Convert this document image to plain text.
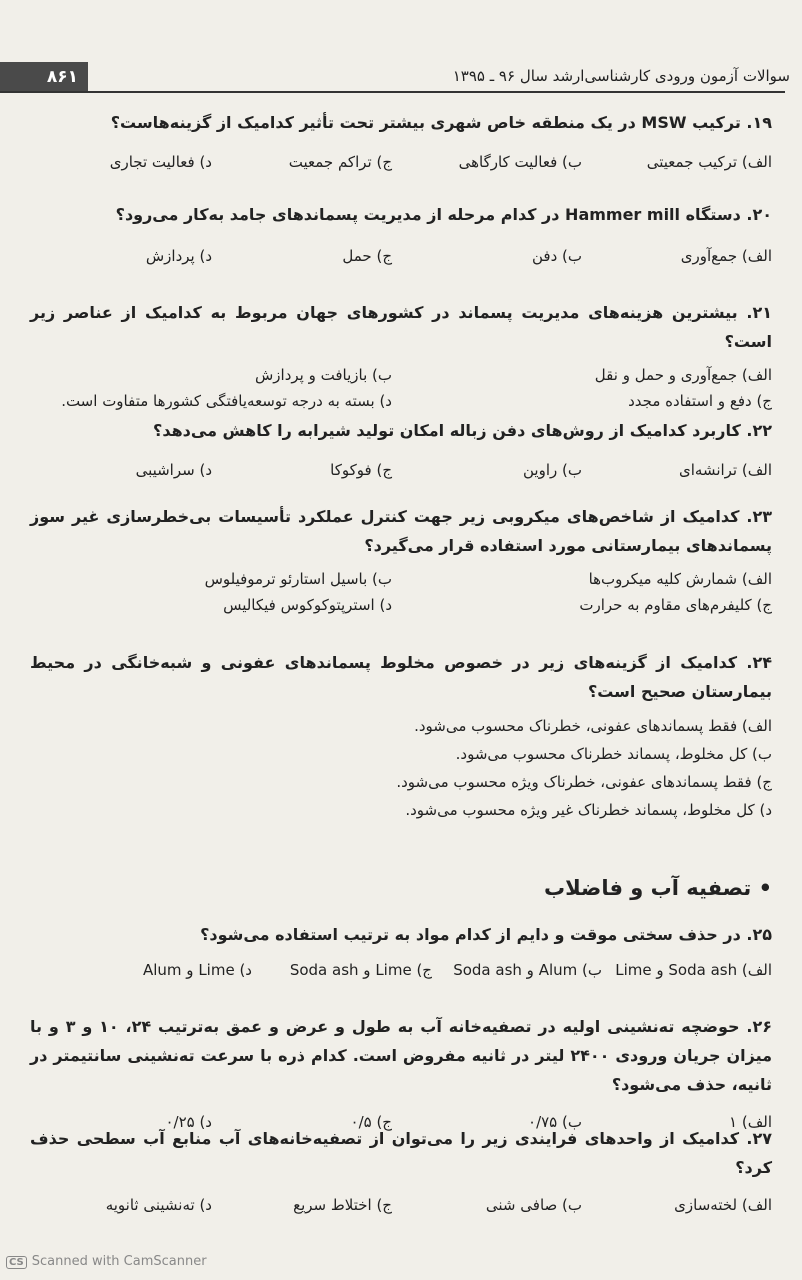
۸۶۱	سوالات آزمون ورودی کارشناسی‌ارشد سال ۹۶ ـ ۱۳۹۵
۱۹. ترکیب MSW در یک منطقه خاص شهری بیشتر تحت تأثیر کدامیک از گزینه‌هاست؟
الف) ترکیب جمعیتی
ب) فعالیت کارگاهی
ج) تراکم جمعیت
د) فعالیت تجاری
۲۰. دستگاه Hammer mill در کدام مرحله از مدیریت پسماندهای جامد به‌کار می‌رود؟
الف) جمع‌آوری
ب) دفن
ج) حمل
د) پردازش
۲۱. بیشترین هزینه‌های مدیریت پسماند در کشورهای جهان مربوط به کدامیک از عناصر زیر است؟
الف) جمع‌آوری و حمل و نقل
ب) بازیافت و پردازش
ج) دفع و استفاده مجدد
د) بسته به درجه توسعه‌یافتگی کشورها متفاوت است.
۲۲. کاربرد کدامیک از روش‌های دفن زباله امکان تولید شیرابه را کاهش می‌دهد؟
الف) ترانشه‌ای
ب) راوین
ج) فوکوکا
د) سراشیبی
۲۳. کدامیک از شاخص‌های میکروبی زیر جهت کنترل عملکرد تأسیسات بی‌خطرسازی غیر سوز پسماندهای بیمارستانی مورد استفاده قرار می‌گیرد؟
الف) شمارش کلیه میکروب‌ها
ب) باسیل استارئو ترموفیلوس
ج) کلیفرم‌های مقاوم به حرارت
د) استرپتوکوکوس فیکالیس
۲۴. کدامیک از گزینه‌های زیر در خصوص مخلوط پسماندهای عفونی و شبه‌خانگی در محیط بیمارستان صحیح است؟
الف) فقط پسماندهای عفونی، خطرناک محسوب می‌شود.
ب) کل مخلوط، پسماند خطرناک محسوب می‌شود.
ج) فقط پسماندهای عفونی، خطرناک ویژه محسوب می‌شود.
د) کل مخلوط، پسماند خطرناک غیر ویژه محسوب می‌شود.
• تصفیه آب و فاضلاب
۲۵. در حذف سختی موقت و دایم از کدام مواد به ترتیب استفاده می‌شود؟
الف) Soda ash و Lime
ب) Alum و Soda ash
ج) Lime و Soda ash
د) Lime و Alum
۲۶. حوضچه ته‌نشینی اولیه در تصفیه‌خانه آب به طول و عرض و عمق به‌ترتیب ۲۴، ۱۰ و ۳ و با میزان جریان ورودی ۲۴۰۰ لیتر در ثانیه مفروض است. کدام ذره با سرعت ته‌نشینی سانتیمتر در ثانیه، حذف می‌شود؟
الف) ۱
ب) ۰/۷۵
ج) ۰/۵
د) ۰/۲۵
۲۷. کدامیک از واحدهای فرایندی زیر را می‌توان از تصفیه‌خانه‌های آب منابع آب سطحی حذف کرد؟
الف) لخته‌سازی
ب) صافی شنی
ج) اختلاط سریع
د) ته‌نشینی ثانویه
CS Scanned with CamScanner
